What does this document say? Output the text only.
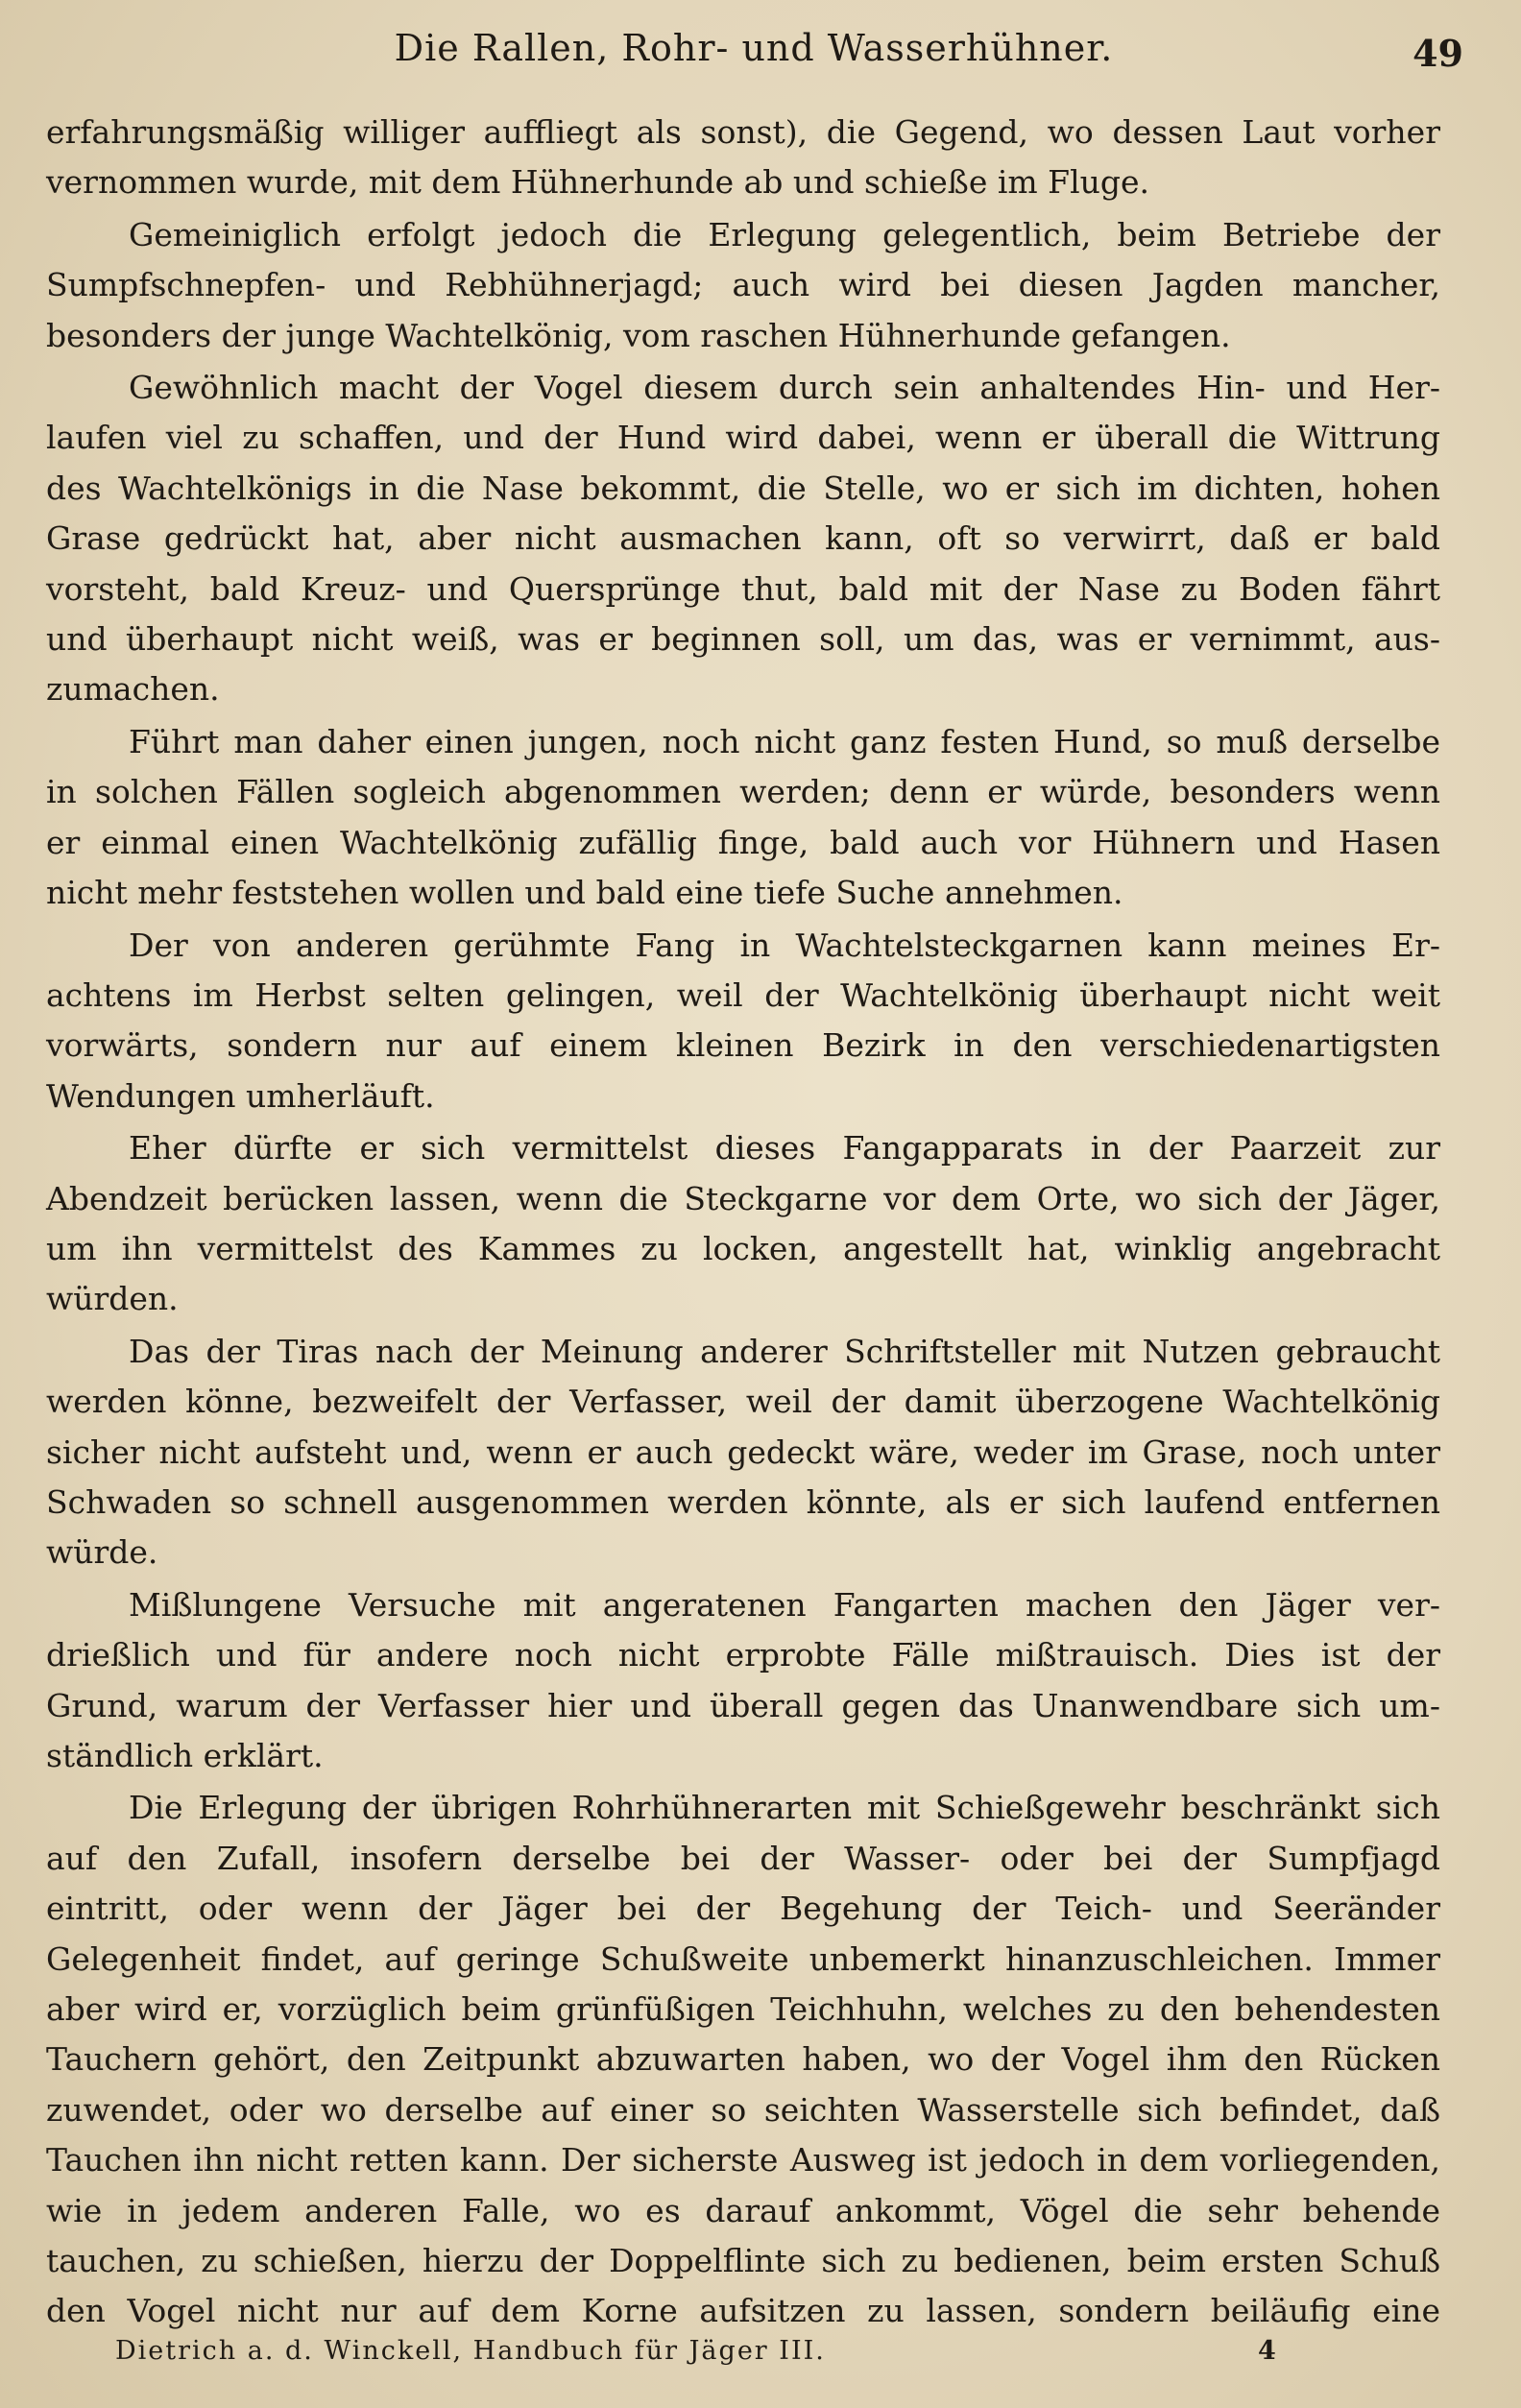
Die Rallen, Rohr- und Wasserhühner.	49
erfahrungsmäßig williger auffliegt als sonst), die Gegend, wo dessen Laut vorher
vernommen wurde, mit dem Hühnerhunde ab und schieße im Fluge.
Gemeiniglich erfolgt jedoch die Erlegung gelegentlich, beim Betriebe der
Sumpfschnepfen- und Rebhühnerjagd; auch wird bei diesen Jagden mancher,
besonders der junge Wachtelkönig, vom raschen Hühnerhunde gefangen.
Gewöhnlich macht der Vogel diesem durch sein anhaltendes Hin- und Her-
laufen viel zu schaffen, und der Hund wird dabei, wenn er überall die Wittrung
des Wachtelkönigs in die Nase bekommt, die Stelle, wo er sich im dichten, hohen
Grase gedrückt hat, aber nicht ausmachen kann, oft so verwirrt, daß er bald
vorsteht, bald Kreuz- und Quersprünge thut, bald mit der Nase zu Boden fährt
und überhaupt nicht weiß, was er beginnen soll, um das, was er vernimmt, aus-
zumachen.
Führt man daher einen jungen, noch nicht ganz festen Hund, so muß derselbe
in solchen Fällen sogleich abgenommen werden; denn er würde, besonders wenn
er einmal einen Wachtelkönig zufällig finge, bald auch vor Hühnern und Hasen
nicht mehr feststehen wollen und bald eine tiefe Suche annehmen.
Der von anderen gerühmte Fang in Wachtelsteckgarnen kann meines Er-
achtens im Herbst selten gelingen, weil der Wachtelkönig überhaupt nicht weit
vorwärts, sondern nur auf einem kleinen Bezirk in den verschiedenartigsten
Wendungen umherläuft.
Eher dürfte er sich vermittelst dieses Fangapparats in der Paarzeit zur
Abendzeit berücken lassen, wenn die Steckgarne vor dem Orte, wo sich der Jäger,
um ihn vermittelst des Kammes zu locken, angestellt hat, winklig angebracht
würden.
Das der Tiras nach der Meinung anderer Schriftsteller mit Nutzen gebraucht
werden könne, bezweifelt der Verfasser, weil der damit überzogene Wachtelkönig
sicher nicht aufsteht und, wenn er auch gedeckt wäre, weder im Grase, noch unter
Schwaden so schnell ausgenommen werden könnte, als er sich laufend entfernen
würde.
Mißlungene Versuche mit angeratenen Fangarten machen den Jäger ver-
drießlich und für andere noch nicht erprobte Fälle mißtrauisch. Dies ist der
Grund, warum der Verfasser hier und überall gegen das Unanwendbare sich um-
ständlich erklärt.
Die Erlegung der übrigen Rohrhühnerarten mit Schießgewehr beschränkt sich
auf den Zufall, insofern derselbe bei der Wasser- oder bei der Sumpfjagd
eintritt, oder wenn der Jäger bei der Begehung der Teich- und Seeränder
Gelegenheit findet, auf geringe Schußweite unbemerkt hinanzuschleichen. Immer
aber wird er, vorzüglich beim grünfüßigen Teichhuhn, welches zu den behendesten
Tauchern gehört, den Zeitpunkt abzuwarten haben, wo der Vogel ihm den Rücken
zuwendet, oder wo derselbe auf einer so seichten Wasserstelle sich befindet, daß
Tauchen ihn nicht retten kann. Der sicherste Ausweg ist jedoch in dem vorliegenden,
wie in jedem anderen Falle, wo es darauf ankommt, Vögel die sehr behende
tauchen, zu schießen, hierzu der Doppelflinte sich zu bedienen, beim ersten Schuß
den Vogel nicht nur auf dem Korne aufsitzen zu lassen, sondern beiläufig eine
Dietrich a. d. Winckell, Handbuch für Jäger III.	4
